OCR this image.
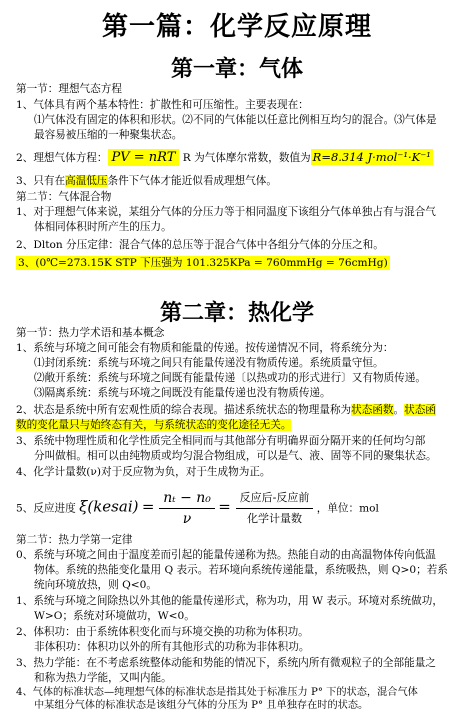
第一篇：化学反应原理
第一章：气体
第一节：理想气态方程
1、气体具有两个基本特性：扩散性和可压缩性。主要表现在：
⑴气体没有固定的体积和形状。⑵不同的气体能以任意比例相互均匀的混合。⑶气体是
最容易被压缩的一种聚集状态。
2、理想气体方程： PV = nRT R 为气体摩尔常数，数值为 R=8.314 J·mol⁻¹·K⁻¹
3、只有在高温低压条件下气体才能近似看成理想气体。
第二节：气体混合物
1、对于理想气体来说，某组分气体的分压力等于相同温度下该组分气体单独占有与混合气
体相同体积时所产生的压力。
2、Dlton 分压定律：混合气体的总压等于混合气体中各组分气体的分压之和。
3、(0℃=273.15K STP 下压强为 101.325KPa = 760mmHg = 76cmHg)
第二章：热化学
第一节：热力学术语和基本概念
1、系统与环境之间可能会有物质和能量的传递。按传递情况不同，将系统分为：
⑴封闭系统：系统与环境之间只有能量传递没有物质传递。系统质量守恒。
⑵敞开系统：系统与环境之间既有能量传递〔以热或功的形式进行〕又有物质传递。
⑶隔离系统：系统与环境之间既没有能量传递也没有物质传递。
2、状态是系统中所有宏观性质的综合表现。描述系统状态的物理量称为状态函数。状态函
数的变化量只与始终态有关，与系统状态的变化途径无关。
3、系统中物理性质和化学性质完全相同而与其他部分有明确界面分隔开来的任何均匀部
分叫做相。相可以由纯物质或均匀混合物组成，可以是气、液、固等不同的聚集状态。
4、化学计量数(ν)对于反应物为负，对于生成物为正。
5、反应进度 ξ(kesai) = $\frac{\text{nₜ − n₀}}{\nu} = \frac{\text{反应后-反应前}}{\text{化学计量数}}$ ，单位：mol
第二节：热力学第一定律
0、系统与环境之间由于温度差而引起的能量传递称为热。热能自动的由高温物体传向低温
物体。系统的热能变化量用 Q 表示。若环境向系统传递能量，系统吸热，则 Q>0；若系
统向环境放热，则 Q<0。
1、系统与环境之间除热以外其他的能量传递形式，称为功，用 W 表示。环境对系统做功，
W>O；系统对环境做功，W<0。
2、体积功：由于系统体积变化而与环境交换的功称为体积功。
非体积功：体积功以外的所有其他形式的功称为非体积功。
3、热力学能：在不考虑系统整体动能和势能的情况下，系统内所有微观粒子的全部能量之
和称为热力学能，又叫内能。
4、气体的标准状态—纯理想气体的标准状态是指其处于标准压力 P° 下的状态，混合气体
中某组分气体的标准状态是该组分气体的分压为 P° 且单独存在时的状态。
